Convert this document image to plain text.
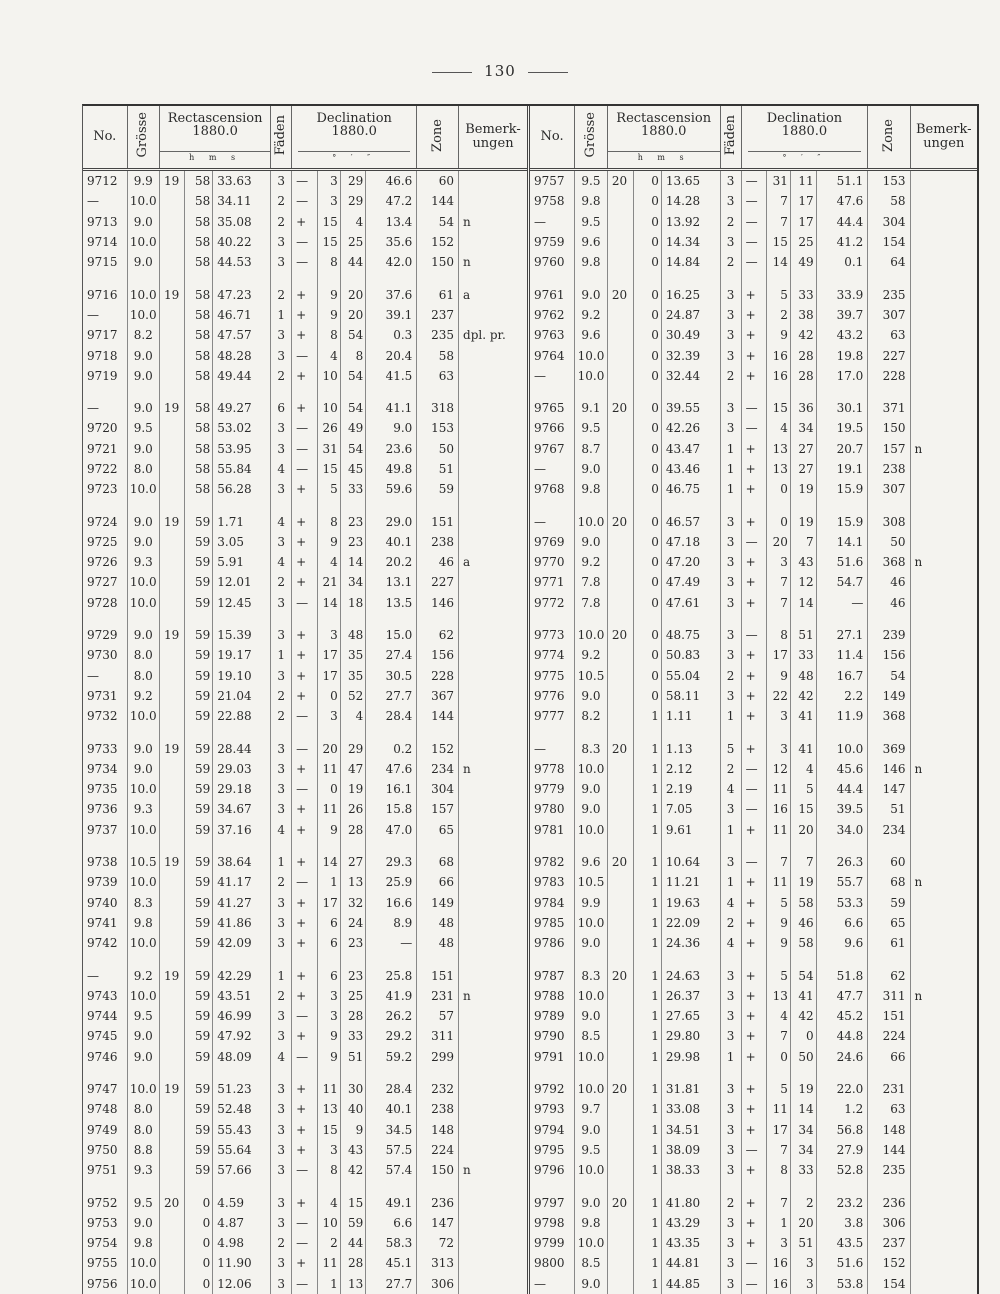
130
No.	Grösse	Rectascension
1880.0
h m s			Fäden	Declination
1880.0
° ′ ″				Zone	Bemerk-
ungen
9712	9.9	19	58	33.63	3	—	3	29	46.6	60	
—	10.0		58	34.11	2	—	3	29	47.2	144	
9713	9.0		58	35.08	2	+	15	4	13.4	54	n
9714	10.0		58	40.22	3	—	15	25	35.6	152	
9715	9.0		58	44.53	3	—	8	44	42.0	150	n

9716	10.0	19	58	47.23	2	+	9	20	37.6	61	a
—	10.0		58	46.71	1	+	9	20	39.1	237	
9717	8.2		58	47.57	3	+	8	54	0.3	235	dpl. pr.
9718	9.0		58	48.28	3	—	4	8	20.4	58	
9719	9.0		58	49.44	2	+	10	54	41.5	63	

—	9.0	19	58	49.27	6	+	10	54	41.1	318	
9720	9.5		58	53.02	3	—	26	49	9.0	153	
9721	9.0		58	53.95	3	—	31	54	23.6	50	
9722	8.0		58	55.84	4	—	15	45	49.8	51	
9723	10.0		58	56.28	3	+	5	33	59.6	59	

9724	9.0	19	59	1.71	4	+	8	23	29.0	151	
9725	9.0		59	3.05	3	+	9	23	40.1	238	
9726	9.3		59	5.91	4	+	4	14	20.2	46	a
9727	10.0		59	12.01	2	+	21	34	13.1	227	
9728	10.0		59	12.45	3	—	14	18	13.5	146	

9729	9.0	19	59	15.39	3	+	3	48	15.0	62	
9730	8.0		59	19.17	1	+	17	35	27.4	156	
—	8.0		59	19.10	3	+	17	35	30.5	228	
9731	9.2		59	21.04	2	+	0	52	27.7	367	
9732	10.0		59	22.88	2	—	3	4	28.4	144	

9733	9.0	19	59	28.44	3	—	20	29	0.2	152	
9734	9.0		59	29.03	3	+	11	47	47.6	234	n
9735	10.0		59	29.18	3	—	0	19	16.1	304	
9736	9.3		59	34.67	3	+	11	26	15.8	157	
9737	10.0		59	37.16	4	+	9	28	47.0	65	

9738	10.5	19	59	38.64	1	+	14	27	29.3	68	
9739	10.0		59	41.17	2	—	1	13	25.9	66	
9740	8.3		59	41.27	3	+	17	32	16.6	149	
9741	9.8		59	41.86	3	+	6	24	8.9	48	
9742	10.0		59	42.09	3	+	6	23	—	48	

—	9.2	19	59	42.29	1	+	6	23	25.8	151	
9743	10.0		59	43.51	2	+	3	25	41.9	231	n
9744	9.5		59	46.99	3	—	3	28	26.2	57	
9745	9.0		59	47.92	3	+	9	33	29.2	311	
9746	9.0		59	48.09	4	—	9	51	59.2	299	

9747	10.0	19	59	51.23	3	+	11	30	28.4	232	
9748	8.0		59	52.48	3	+	13	40	40.1	238	
9749	8.0		59	55.43	3	+	15	9	34.5	148	
9750	8.8		59	55.64	3	+	3	43	57.5	224	
9751	9.3		59	57.66	3	—	8	42	57.4	150	n

9752	9.5	20	0	4.59	3	+	4	15	49.1	236	
9753	9.0		0	4.87	3	—	10	59	6.6	147	
9754	9.8		0	4.98	2	—	2	44	58.3	72	
9755	10.0		0	11.90	3	+	11	28	45.1	313	
9756	10.0		0	12.06	3	—	1	13	27.7	306	
No.	Grösse	Rectascension
1880.0
h m s			Fäden	Declination
1880.0
° ′ ″				Zone	Bemerk-
ungen
9757	9.5	20	0	13.65	3	—	31	11	51.1	153	
9758	9.8		0	14.28	3	—	7	17	47.6	58	
—	9.5		0	13.92	2	—	7	17	44.4	304	
9759	9.6		0	14.34	3	—	15	25	41.2	154	
9760	9.8		0	14.84	2	—	14	49	0.1	64	

9761	9.0	20	0	16.25	3	+	5	33	33.9	235	
9762	9.2		0	24.87	3	+	2	38	39.7	307	
9763	9.6		0	30.49	3	+	9	42	43.2	63	
9764	10.0		0	32.39	3	+	16	28	19.8	227	
—	10.0		0	32.44	2	+	16	28	17.0	228	

9765	9.1	20	0	39.55	3	—	15	36	30.1	371	
9766	9.5		0	42.26	3	—	4	34	19.5	150	
9767	8.7		0	43.47	1	+	13	27	20.7	157	n
—	9.0		0	43.46	1	+	13	27	19.1	238	
9768	9.8		0	46.75	1	+	0	19	15.9	307	

—	10.0	20	0	46.57	3	+	0	19	15.9	308	
9769	9.0		0	47.18	3	—	20	7	14.1	50	
9770	9.2		0	47.20	3	+	3	43	51.6	368	n
9771	7.8		0	47.49	3	+	7	12	54.7	46	
9772	7.8		0	47.61	3	+	7	14	—	46	

9773	10.0	20	0	48.75	3	—	8	51	27.1	239	
9774	9.2		0	50.83	3	+	17	33	11.4	156	
9775	10.5		0	55.04	2	+	9	48	16.7	54	
9776	9.0		0	58.11	3	+	22	42	2.2	149	
9777	8.2		1	1.11	1	+	3	41	11.9	368	

—	8.3	20	1	1.13	5	+	3	41	10.0	369	
9778	10.0		1	2.12	2	—	12	4	45.6	146	n
9779	9.0		1	2.19	4	—	11	5	44.4	147	
9780	9.0		1	7.05	3	—	16	15	39.5	51	
9781	10.0		1	9.61	1	+	11	20	34.0	234	

9782	9.6	20	1	10.64	3	—	7	7	26.3	60	
9783	10.5		1	11.21	1	+	11	19	55.7	68	n
9784	9.9		1	19.63	4	+	5	58	53.3	59	
9785	10.0		1	22.09	2	+	9	46	6.6	65	
9786	9.0		1	24.36	4	+	9	58	9.6	61	

9787	8.3	20	1	24.63	3	+	5	54	51.8	62	
9788	10.0		1	26.37	3	+	13	41	47.7	311	n
9789	9.0		1	27.65	3	+	4	42	45.2	151	
9790	8.5		1	29.80	3	+	7	0	44.8	224	
9791	10.0		1	29.98	1	+	0	50	24.6	66	

9792	10.0	20	1	31.81	3	+	5	19	22.0	231	
9793	9.7		1	33.08	3	+	11	14	1.2	63	
9794	9.0		1	34.51	3	+	17	34	56.8	148	
9795	9.5		1	38.09	3	—	7	34	27.9	144	
9796	10.0		1	38.33	3	+	8	33	52.8	235	

9797	9.0	20	1	41.80	2	+	7	2	23.2	236	
9798	9.8		1	43.29	3	+	1	20	3.8	306	
9799	10.0		1	43.35	3	+	3	51	43.5	237	
9800	8.5		1	44.81	3	—	16	3	51.6	152	
—	9.0		1	44.85	3	—	16	3	53.8	154	
